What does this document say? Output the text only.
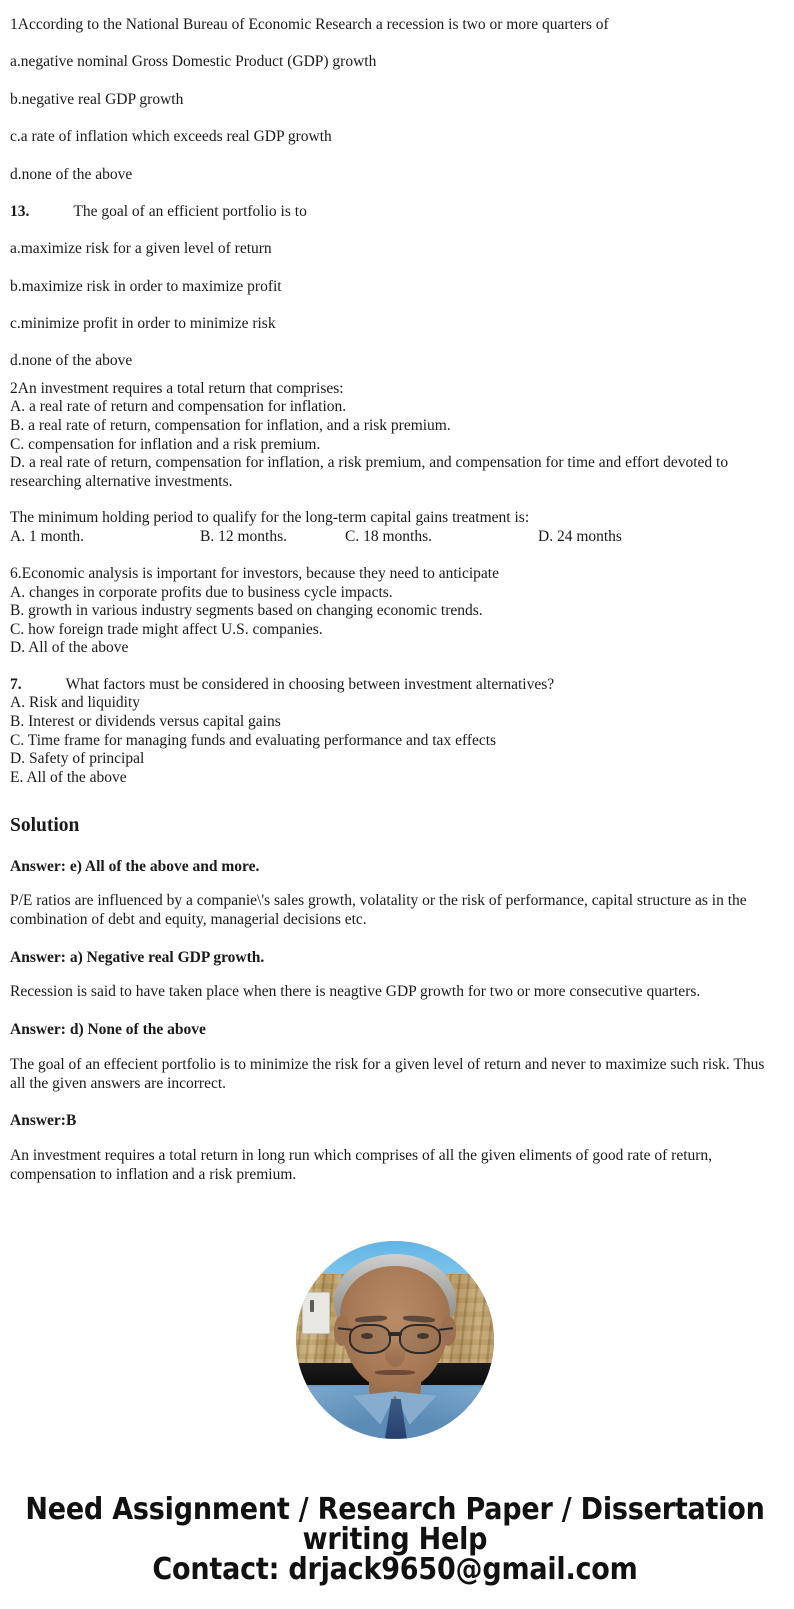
1According to the National Bureau of Economic Research a recession is two or more quarters of

a.negative nominal Gross Domestic Product (GDP) growth

b.negative real GDP growth

c.a rate of inflation which exceeds real GDP growth

d.none of the above

13.	The goal of an efficient portfolio is to

a.maximize risk for a given level of return

b.maximize risk in order to maximize profit

c.minimize profit in order to minimize risk

d.none of the above

2An investment requires a total return that comprises:
A. a real rate of return and compensation for inflation.
B. a real rate of return, compensation for inflation, and a risk premium.
C. compensation for inflation and a risk premium.
D. a real rate of return, compensation for inflation, a risk premium, and compensation for time and effort devoted to researching alternative investments.
The minimum holding period to qualify for the long-term capital gains treatment is:

A. 1 month.

	B. 12 months.

	C. 18 months.

	D. 24 months

6.Economic analysis is important for investors, because they need to anticipate
A. changes in corporate profits due to business cycle impacts.
B. growth in various industry segments based on changing economic trends.
C. how foreign trade might affect U.S. companies.
D. All of the above
7.	What factors must be considered in choosing between investment alternatives?
A. Risk and liquidity
B. Interest or dividends versus capital gains
C. Time frame for managing funds and evaluating performance and tax effects
D. Safety of principal
E. All of the above
Solution

Answer: e) All of the above and more.

P/E ratios are influenced by a companie\'s sales growth, volatality or the risk of performance, capital structure as in the combination of debt and equity, managerial decisions etc.

Answer: a) Negative real GDP growth.

Recession is said to have taken place when there is neagtive GDP growth for two or more consecutive quarters.

Answer: d) None of the above

The goal of an effecient portfolio is to minimize the risk for a given level of return and never to maximize such risk. Thus all the given answers are incorrect.

Answer:B

An investment requires a total return in long run which comprises of all the given eliments of good rate of return, compensation to inflation and a risk premium.

Need Assignment / Research Paper / Dissertation
writing Help
Contact: drjack9650@gmail.com
